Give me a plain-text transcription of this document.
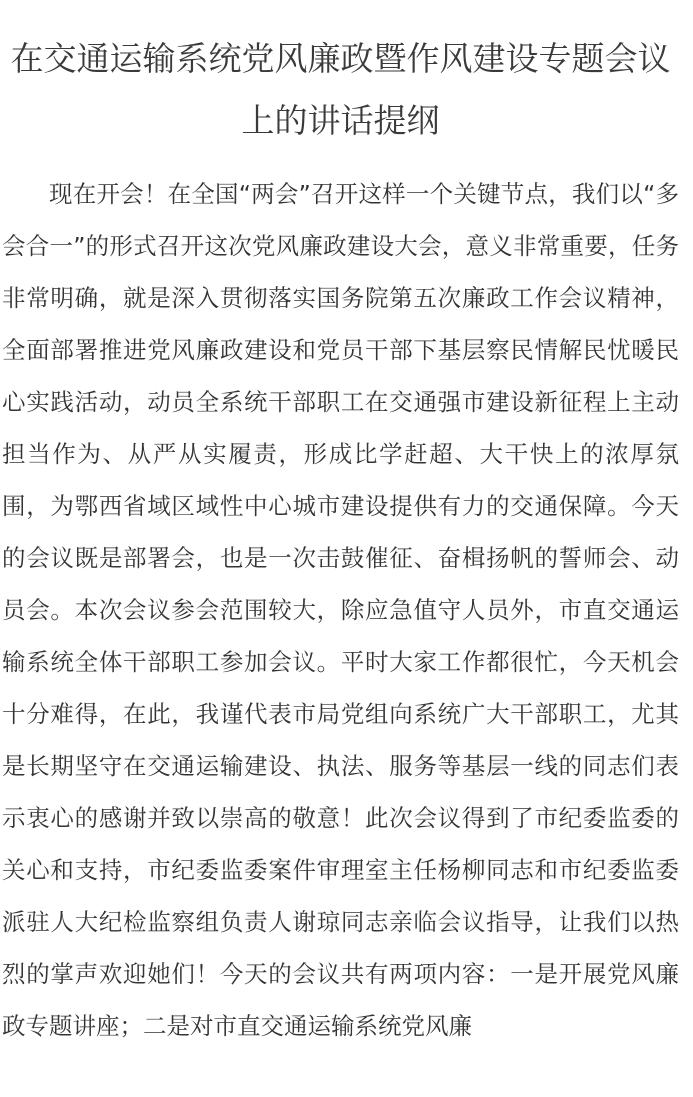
在交通运输系统党风廉政暨作风建设专题会议上的讲话提纲

现在开会！在全国“两会”召开这样一个关键节点，我们以“多会合一”的形式召开这次党风廉政建设大会，意义非常重要，任务非常明确，就是深入贯彻落实国务院第五次廉政工作会议精神，全面部署推进党风廉政建设和党员干部下基层察民情解民忧暖民心实践活动，动员全系统干部职工在交通强市建设新征程上主动担当作为、从严从实履责，形成比学赶超、大干快上的浓厚氛围，为鄂西省域区域性中心城市建设提供有力的交通保障。今天的会议既是部署会，也是一次击鼓催征、奋楫扬帆的誓师会、动员会。本次会议参会范围较大，除应急值守人员外，市直交通运输系统全体干部职工参加会议。平时大家工作都很忙，今天机会十分难得，在此，我谨代表市局党组向系统广大干部职工，尤其是长期坚守在交通运输建设、执法、服务等基层一线的同志们表示衷心的感谢并致以崇高的敬意！此次会议得到了市纪委监委的关心和支持，市纪委监委案件审理室主任杨柳同志和市纪委监委派驻人大纪检监察组负责人谢琼同志亲临会议指导，让我们以热烈的掌声欢迎她们！今天的会议共有两项内容：一是开展党风廉政专题讲座；二是对市直交通运输系统党风廉
